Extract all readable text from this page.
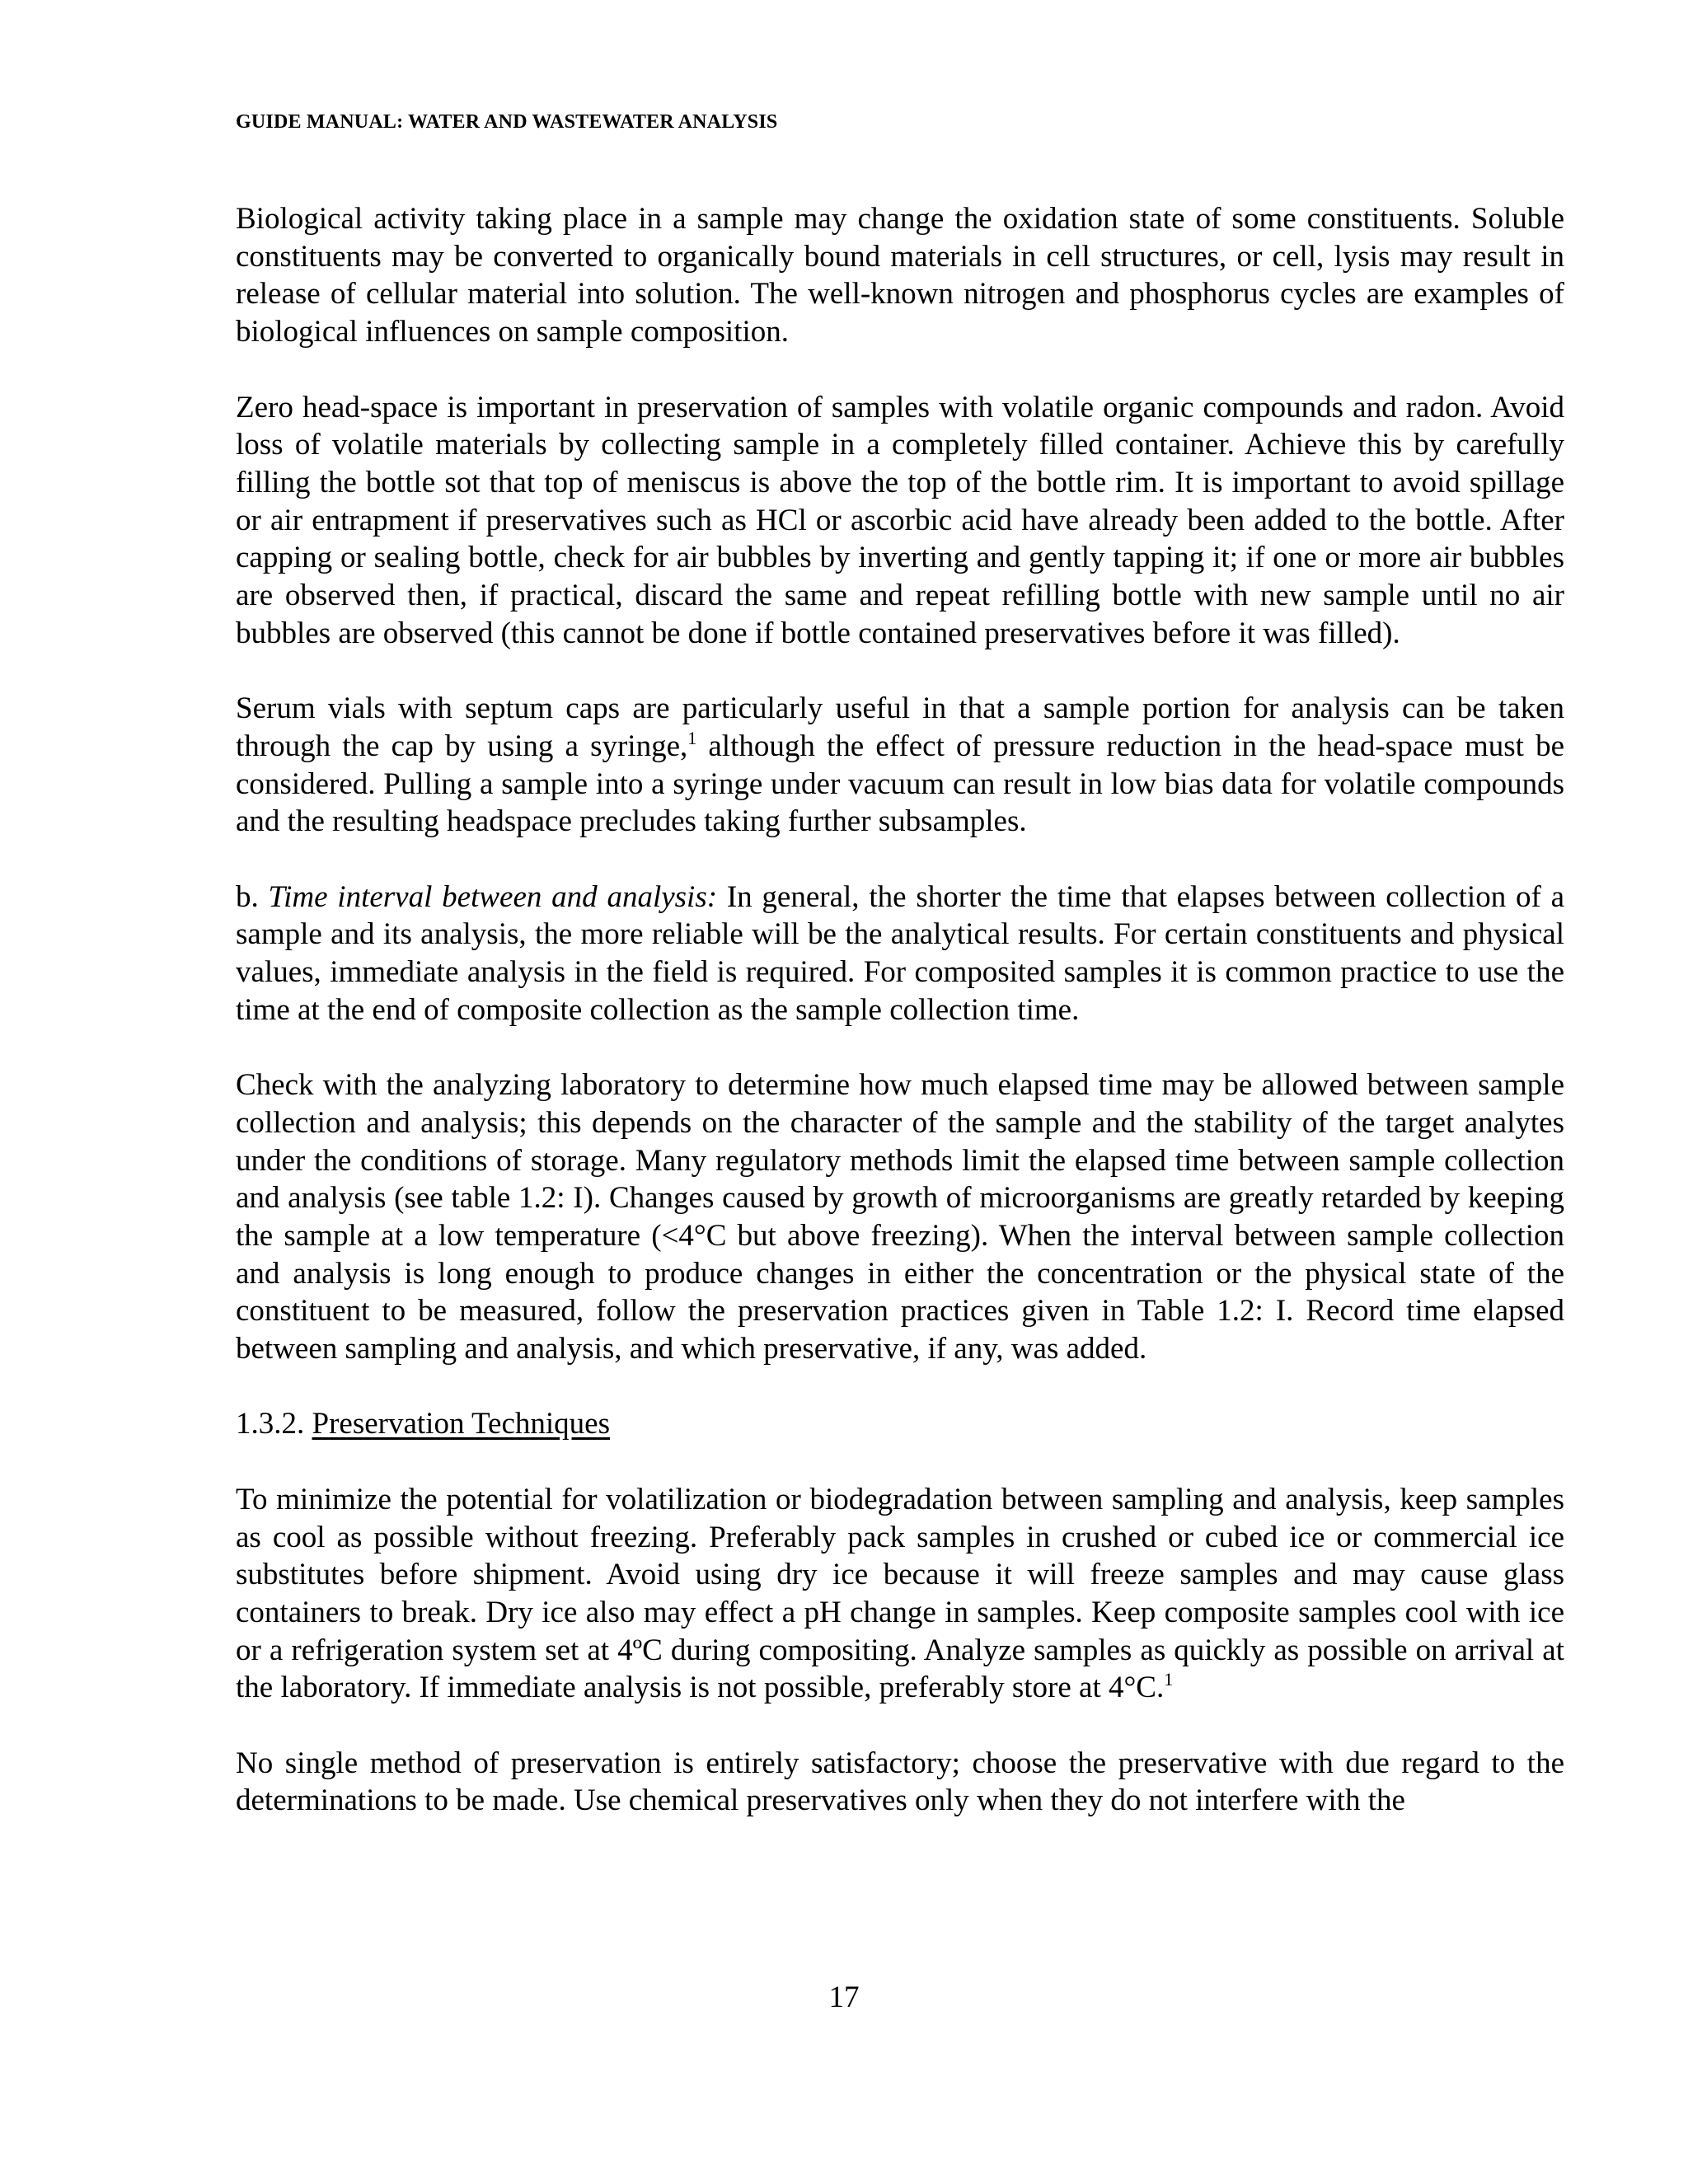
GUIDE MANUAL: WATER AND WASTEWATER ANALYSIS

Biological activity taking place in a sample may change the oxidation state of some constituents. Soluble constituents may be converted to organically bound materials in cell structures, or cell, lysis may result in release of cellular material into solution. The well-known nitrogen and phosphorus cycles are examples of biological influences on sample composition.

Zero head-space is important in preservation of samples with volatile organic compounds and radon. Avoid loss of volatile materials by collecting sample in a completely filled container. Achieve this by carefully filling the bottle sot that top of meniscus is above the top of the bottle rim. It is important to avoid spillage or air entrapment if preservatives such as HCl or ascorbic acid have already been added to the bottle. After capping or sealing bottle, check for air bubbles by inverting and gently tapping it; if one or more air bubbles are observed then, if practical, discard the same and repeat refilling bottle with new sample until no air bubbles are observed (this cannot be done if bottle contained preservatives before it was filled).

Serum vials with septum caps are particularly useful in that a sample portion for analysis can be taken through the cap by using a syringe,$^1$ although the effect of pressure reduction in the head-space must be considered. Pulling a sample into a syringe under vacuum can result in low bias data for volatile compounds and the resulting headspace precludes taking further subsamples.

b. Time interval between and analysis: In general, the shorter the time that elapses between collection of a sample and its analysis, the more reliable will be the analytical results. For certain constituents and physical values, immediate analysis in the field is required. For composited samples it is common practice to use the time at the end of composite collection as the sample collection time.

Check with the analyzing laboratory to determine how much elapsed time may be allowed between sample collection and analysis; this depends on the character of the sample and the stability of the target analytes under the conditions of storage. Many regulatory methods limit the elapsed time between sample collection and analysis (see table 1.2: I). Changes caused by growth of microorganisms are greatly retarded by keeping the sample at a low temperature (<4°C but above freezing). When the interval between sample collection and analysis is long enough to produce changes in either the concentration or the physical state of the constituent to be measured, follow the preservation practices given in Table 1.2: I. Record time elapsed between sampling and analysis, and which preservative, if any, was added.

1.3.2. Preservation Techniques

To minimize the potential for volatilization or biodegradation between sampling and analysis, keep samples as cool as possible without freezing. Preferably pack samples in crushed or cubed ice or commercial ice substitutes before shipment. Avoid using dry ice because it will freeze samples and may cause glass containers to break. Dry ice also may effect a pH change in samples. Keep composite samples cool with ice or a refrigeration system set at 4ºC during compositing. Analyze samples as quickly as possible on arrival at the laboratory. If immediate analysis is not possible, preferably store at 4°C.$^1$

No single method of preservation is entirely satisfactory; choose the preservative with due regard to the determinations to be made. Use chemical preservatives only when they do not interfere with the

17
